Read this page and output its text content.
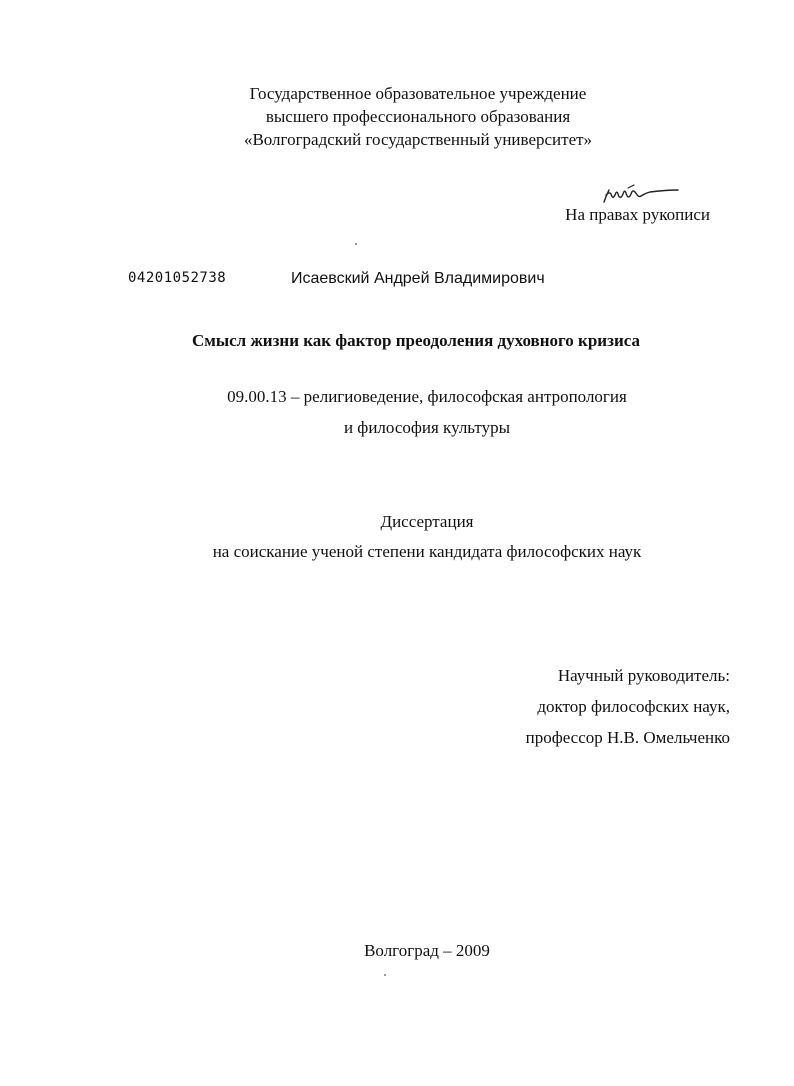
Государственное образовательное учреждение
высшего профессионального образования
«Волгоградский государственный университет»
На правах рукописи
04201052738	Исаевский Андрей Владимирович
Смысл жизни как фактор преодоления духовного кризиса
09.00.13 – религиоведение, философская антропология
и философия культуры
Диссертация
на соискание ученой степени кандидата философских наук
Научный руководитель:
доктор философских наук,
профессор Н.В. Омельченко
Волгоград – 2009
